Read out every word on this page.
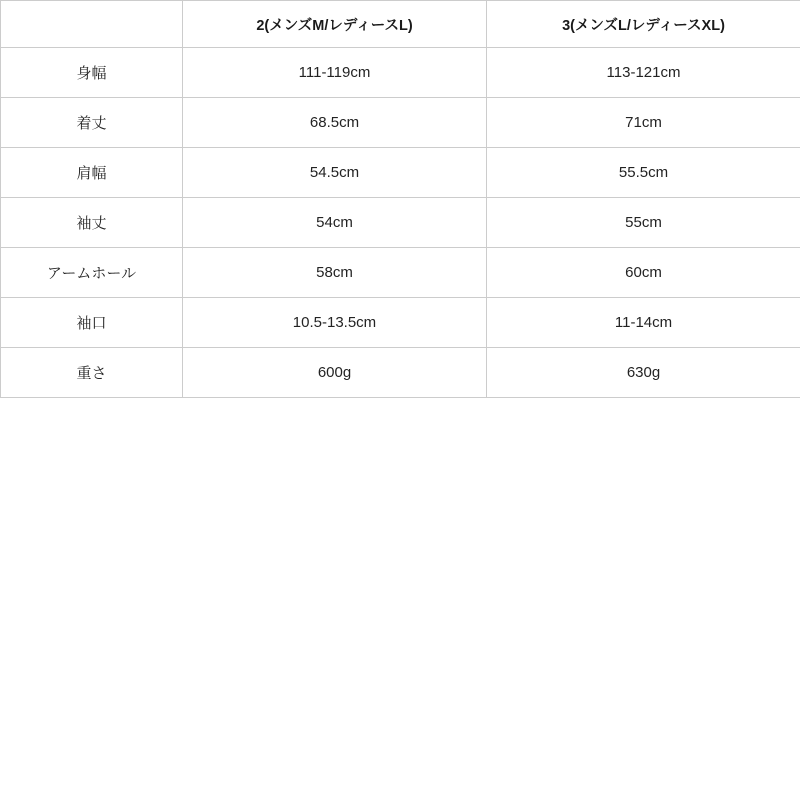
	2(メンズM/レディースL)	3(メンズL/レディースXL)
身幅	111-119cm	113-121cm
着丈	68.5cm	71cm
肩幅	54.5cm	55.5cm
袖丈	54cm	55cm
アームホール	58cm	60cm
袖口	10.5-13.5cm	11-14cm
重さ	600g	630g
